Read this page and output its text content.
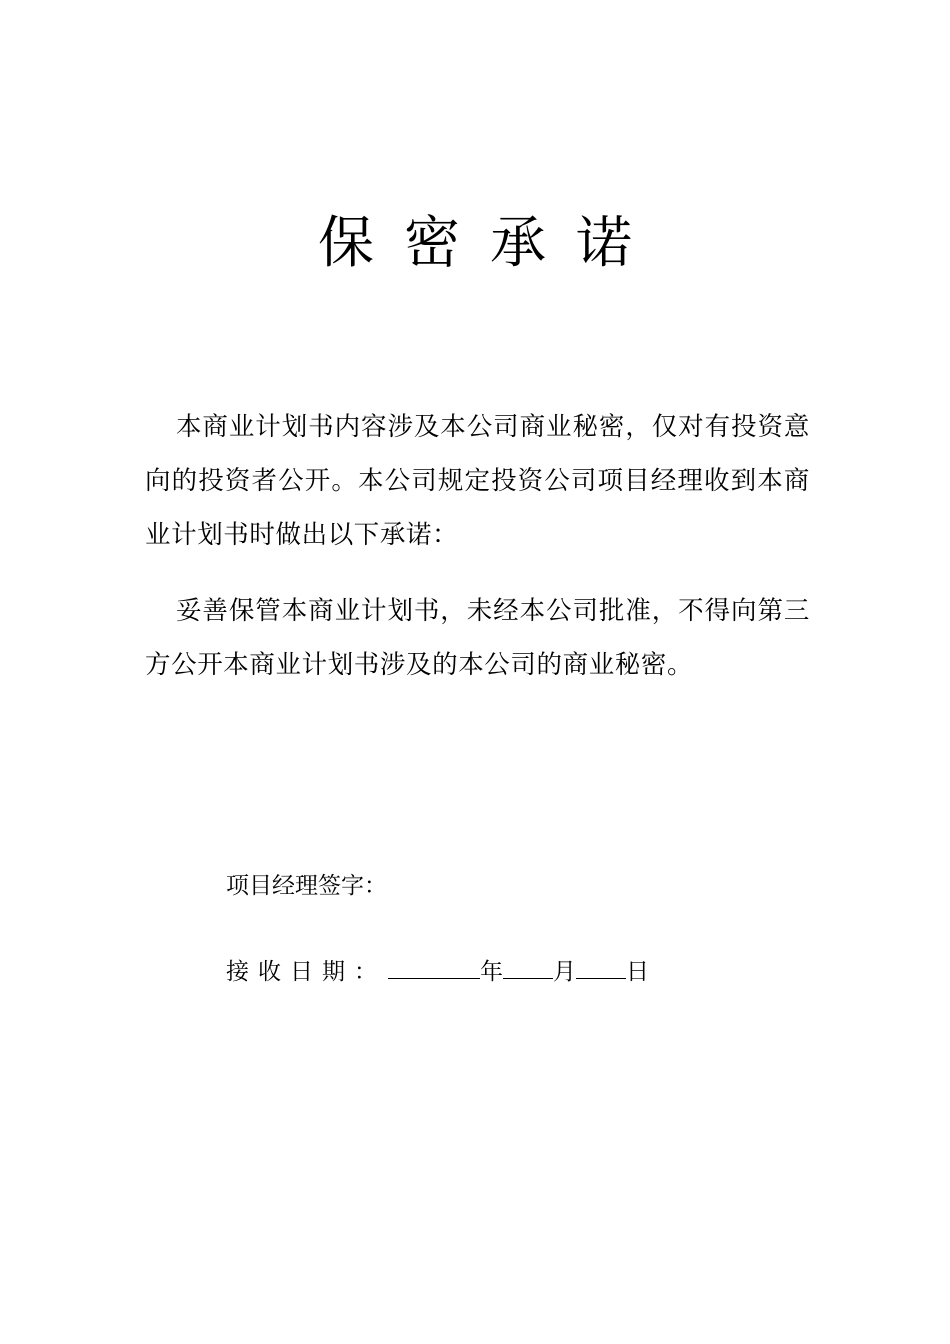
保密承诺

本商业计划书内容涉及本公司商业秘密，仅对有投资意向的投资者公开。本公司规定投资公司项目经理收到本商业计划书时做出以下承诺：

妥善保管本商业计划书，未经本公司批准，不得向第三方公开本商业计划书涉及的本公司的商业秘密。

项目经理签字：
接收日期：	年 月 日
